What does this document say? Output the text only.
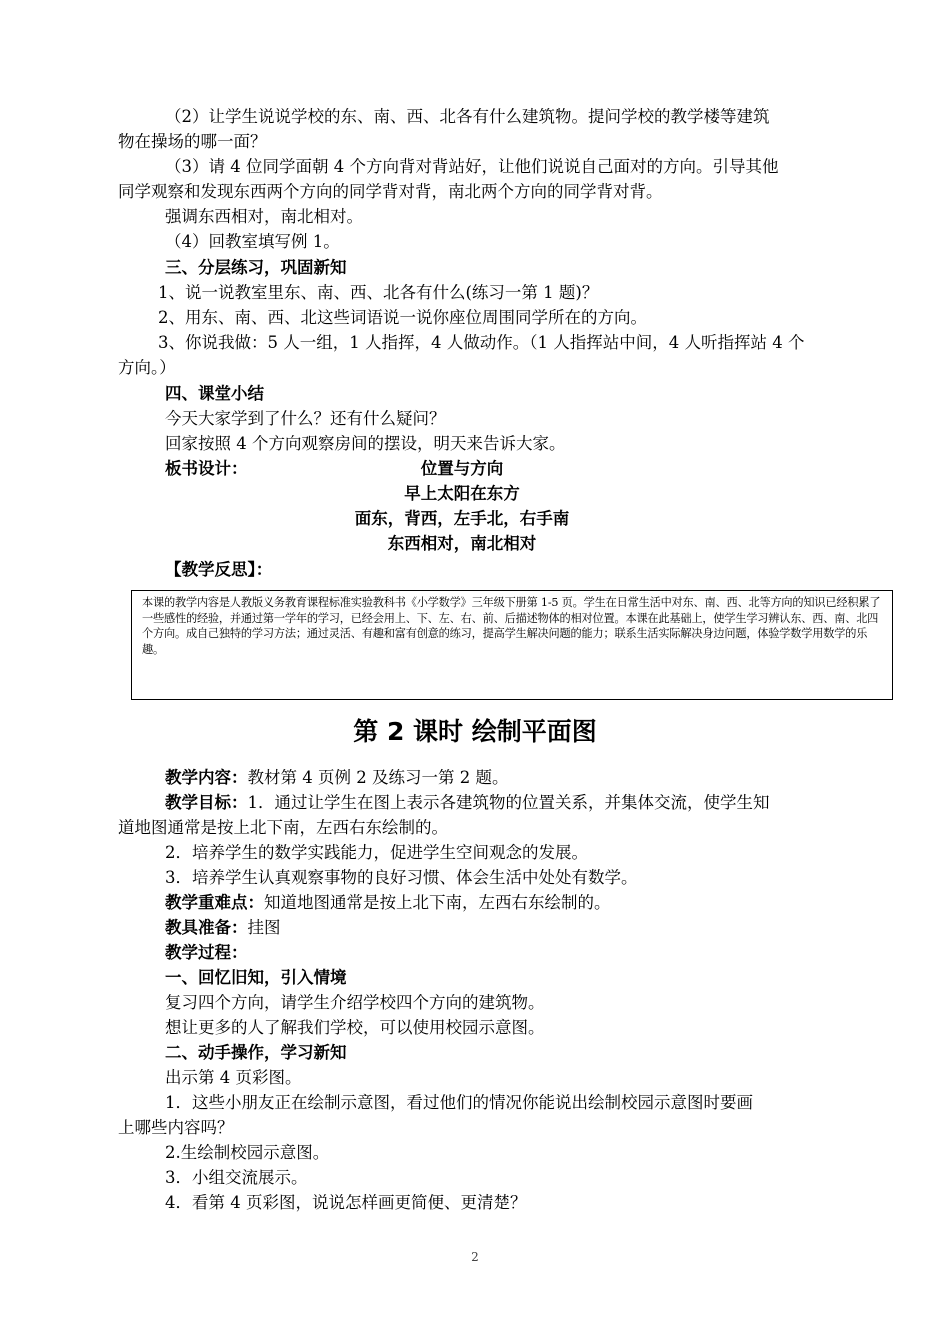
（2）让学生说说学校的东、南、西、北各有什么建筑物。提问学校的教学楼等建筑
物在操场的哪一面？
（3）请 4 位同学面朝 4 个方向背对背站好，让他们说说自己面对的方向。引导其他
同学观察和发现东西两个方向的同学背对背，南北两个方向的同学背对背。
强调东西相对，南北相对。
（4）回教室填写例 1。
三、分层练习，巩固新知
1、说一说教室里东、南、西、北各有什么(练习一第 1 题)？
2、用东、南、西、北这些词语说一说你座位周围同学所在的方向。
3、你说我做：5 人一组，1 人指挥，4 人做动作。（1 人指挥站中间，4 人听指挥站 4 个
方向。）
四、课堂小结
今天大家学到了什么？还有什么疑问？
回家按照 4 个方向观察房间的摆设，明天来告诉大家。
板书设计：	位置与方向
早上太阳在东方
面东，背西，左手北，右手南
东西相对，南北相对
【教学反思】：
本课的教学内容是人教版义务教育课程标准实验教科书《小学数学》三年级下册第 1-5 页。学生在日常生活中对东、南、西、北等方向的知识已经积累了一些感性的经验，并通过第一学年的学习，已经会用上、下、左、右、前、后描述物体的相对位置。本课在此基础上，使学生学习辨认东、西、南、北四个方向。成自己独特的学习方法；通过灵活、有趣和富有创意的练习，提高学生解决问题的能力；联系生活实际解决身边问题，体验学数学用数学的乐趣。
第 2 课时 绘制平面图
教学内容：教材第 4 页例 2 及练习一第 2 题。
教学目标：1．通过让学生在图上表示各建筑物的位置关系，并集体交流，使学生知
道地图通常是按上北下南，左西右东绘制的。
2．培养学生的数学实践能力，促进学生空间观念的发展。
3．培养学生认真观察事物的良好习惯、体会生活中处处有数学。
教学重难点：知道地图通常是按上北下南，左西右东绘制的。
教具准备：挂图
教学过程：
一、回忆旧知，引入情境
复习四个方向，请学生介绍学校四个方向的建筑物。
想让更多的人了解我们学校，可以使用校园示意图。
二、动手操作，学习新知
出示第 4 页彩图。
1．这些小朋友正在绘制示意图，看过他们的情况你能说出绘制校园示意图时要画
上哪些内容吗？
2.生绘制校园示意图。
3．小组交流展示。
4．看第 4 页彩图，说说怎样画更简便、更清楚？
2
